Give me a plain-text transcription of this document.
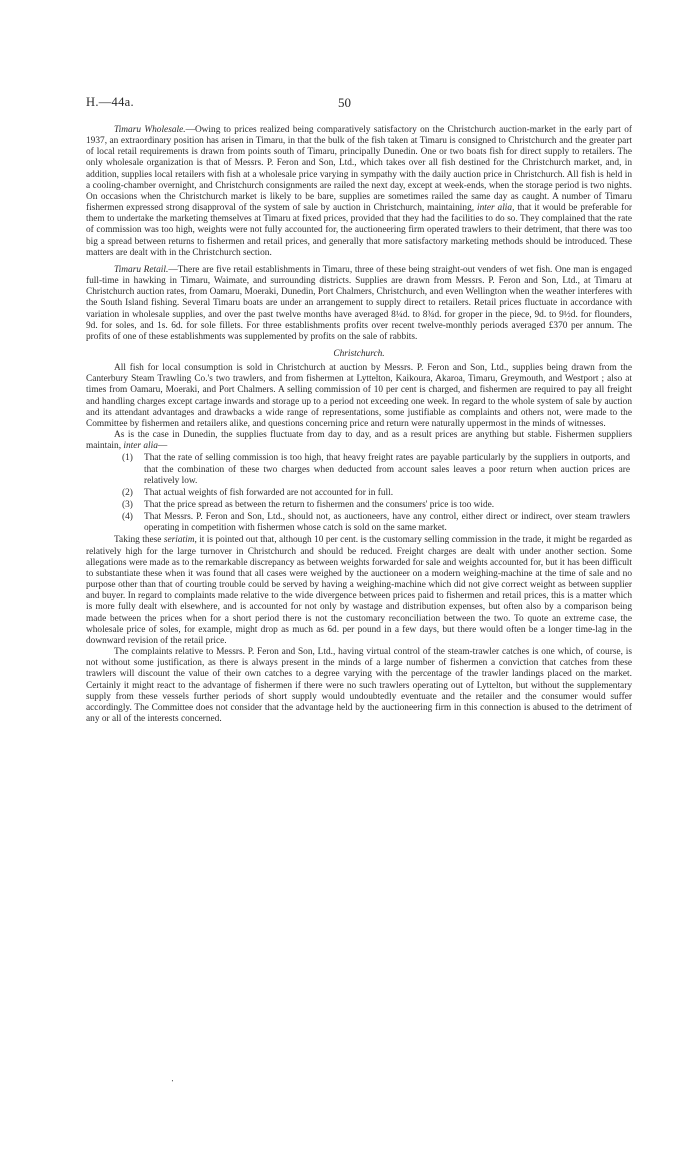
H.—44a.	50

Timaru Wholesale.—Owing to prices realized being comparatively satisfactory on the Christchurch auction-market in the early part of 1937, an extraordinary position has arisen in Timaru, in that the bulk of the fish taken at Timaru is consigned to Christchurch and the greater part of local retail requirements is drawn from points south of Timaru, principally Dunedin. One or two boats fish for direct supply to retailers. The only wholesale organization is that of Messrs. P. Feron and Son, Ltd., which takes over all fish destined for the Christchurch market, and, in addition, supplies local retailers with fish at a wholesale price varying in sympathy with the daily auction price in Christchurch. All fish is held in a cooling-chamber overnight, and Christchurch consignments are railed the next day, except at week-ends, when the storage period is two nights. On occasions when the Christchurch market is likely to be bare, supplies are sometimes railed the same day as caught. A number of Timaru fishermen expressed strong disapproval of the system of sale by auction in Christchurch, maintaining, inter alia, that it would be preferable for them to undertake the marketing themselves at Timaru at fixed prices, provided that they had the facilities to do so. They complained that the rate of commission was too high, weights were not fully accounted for, the auctioneering firm operated trawlers to their detriment, that there was too big a spread between returns to fishermen and retail prices, and generally that more satisfactory marketing methods should be introduced. These matters are dealt with in the Christchurch section.

Timaru Retail.—There are five retail establishments in Timaru, three of these being straight-out venders of wet fish. One man is engaged full-time in hawking in Timaru, Waimate, and surrounding districts. Supplies are drawn from Messrs. P. Feron and Son, Ltd., at Timaru at Christchurch auction rates, from Oamaru, Moeraki, Dunedin, Port Chalmers, Christchurch, and even Wellington when the weather interferes with the South Island fishing. Several Timaru boats are under an arrangement to supply direct to retailers. Retail prices fluctuate in accordance with variation in wholesale supplies, and over the past twelve months have averaged 8¼d. to 8¾d. for groper in the piece, 9d. to 9½d. for flounders, 9d. for soles, and 1s. 6d. for sole fillets. For three establishments profits over recent twelve-monthly periods averaged £370 per annum. The profits of one of these establishments was supplemented by profits on the sale of rabbits.

Christchurch.

All fish for local consumption is sold in Christchurch at auction by Messrs. P. Feron and Son, Ltd., supplies being drawn from the Canterbury Steam Trawling Co.'s two trawlers, and from fishermen at Lyttelton, Kaikoura, Akaroa, Timaru, Greymouth, and Westport ; also at times from Oamaru, Moeraki, and Port Chalmers. A selling commission of 10 per cent is charged, and fishermen are required to pay all freight and handling charges except cartage inwards and storage up to a period not exceeding one week. In regard to the whole system of sale by auction and its attendant advantages and drawbacks a wide range of representations, some justifiable as complaints and others not, were made to the Committee by fishermen and retailers alike, and questions concerning price and return were naturally uppermost in the minds of witnesses.

As is the case in Dunedin, the supplies fluctuate from day to day, and as a result prices are anything but stable. Fishermen suppliers maintain, inter alia—

(1) That the rate of selling commission is too high, that heavy freight rates are payable particularly by the suppliers in outports, and that the combination of these two charges when deducted from account sales leaves a poor return when auction prices are relatively low.
(2) That actual weights of fish forwarded are not accounted for in full.
(3) That the price spread as between the return to fishermen and the consumers' price is too wide.
(4) That Messrs. P. Feron and Son, Ltd., should not, as auctioneers, have any control, either direct or indirect, over steam trawlers operating in competition with fishermen whose catch is sold on the same market.

Taking these seriatim, it is pointed out that, although 10 per cent. is the customary selling commission in the trade, it might be regarded as relatively high for the large turnover in Christchurch and should be reduced. Freight charges are dealt with under another section. Some allegations were made as to the remarkable discrepancy as between weights forwarded for sale and weights accounted for, but it has been difficult to substantiate these when it was found that all cases were weighed by the auctioneer on a modern weighing-machine at the time of sale and no purpose other than that of courting trouble could be served by having a weighing-machine which did not give correct weight as between supplier and buyer. In regard to complaints made relative to the wide divergence between prices paid to fishermen and retail prices, this is a matter which is more fully dealt with elsewhere, and is accounted for not only by wastage and distribution expenses, but often also by a comparison being made between the prices when for a short period there is not the customary reconciliation between the two. To quote an extreme case, the wholesale price of soles, for example, might drop as much as 6d. per pound in a few days, but there would often be a longer time-lag in the downward revision of the retail price.

The complaints relative to Messrs. P. Feron and Son, Ltd., having virtual control of the steam-trawler catches is one which, of course, is not without some justification, as there is always present in the minds of a large number of fishermen a conviction that catches from these trawlers will discount the value of their own catches to a degree varying with the percentage of the trawler landings placed on the market. Certainly it might react to the advantage of fishermen if there were no such trawlers operating out of Lyttelton, but without the supplementary supply from these vessels further periods of short supply would undoubtedly eventuate and the retailer and the consumer would suffer accordingly. The Committee does not consider that the advantage held by the auctioneering firm in this connection is abused to the detriment of any or all of the interests concerned.

‧
